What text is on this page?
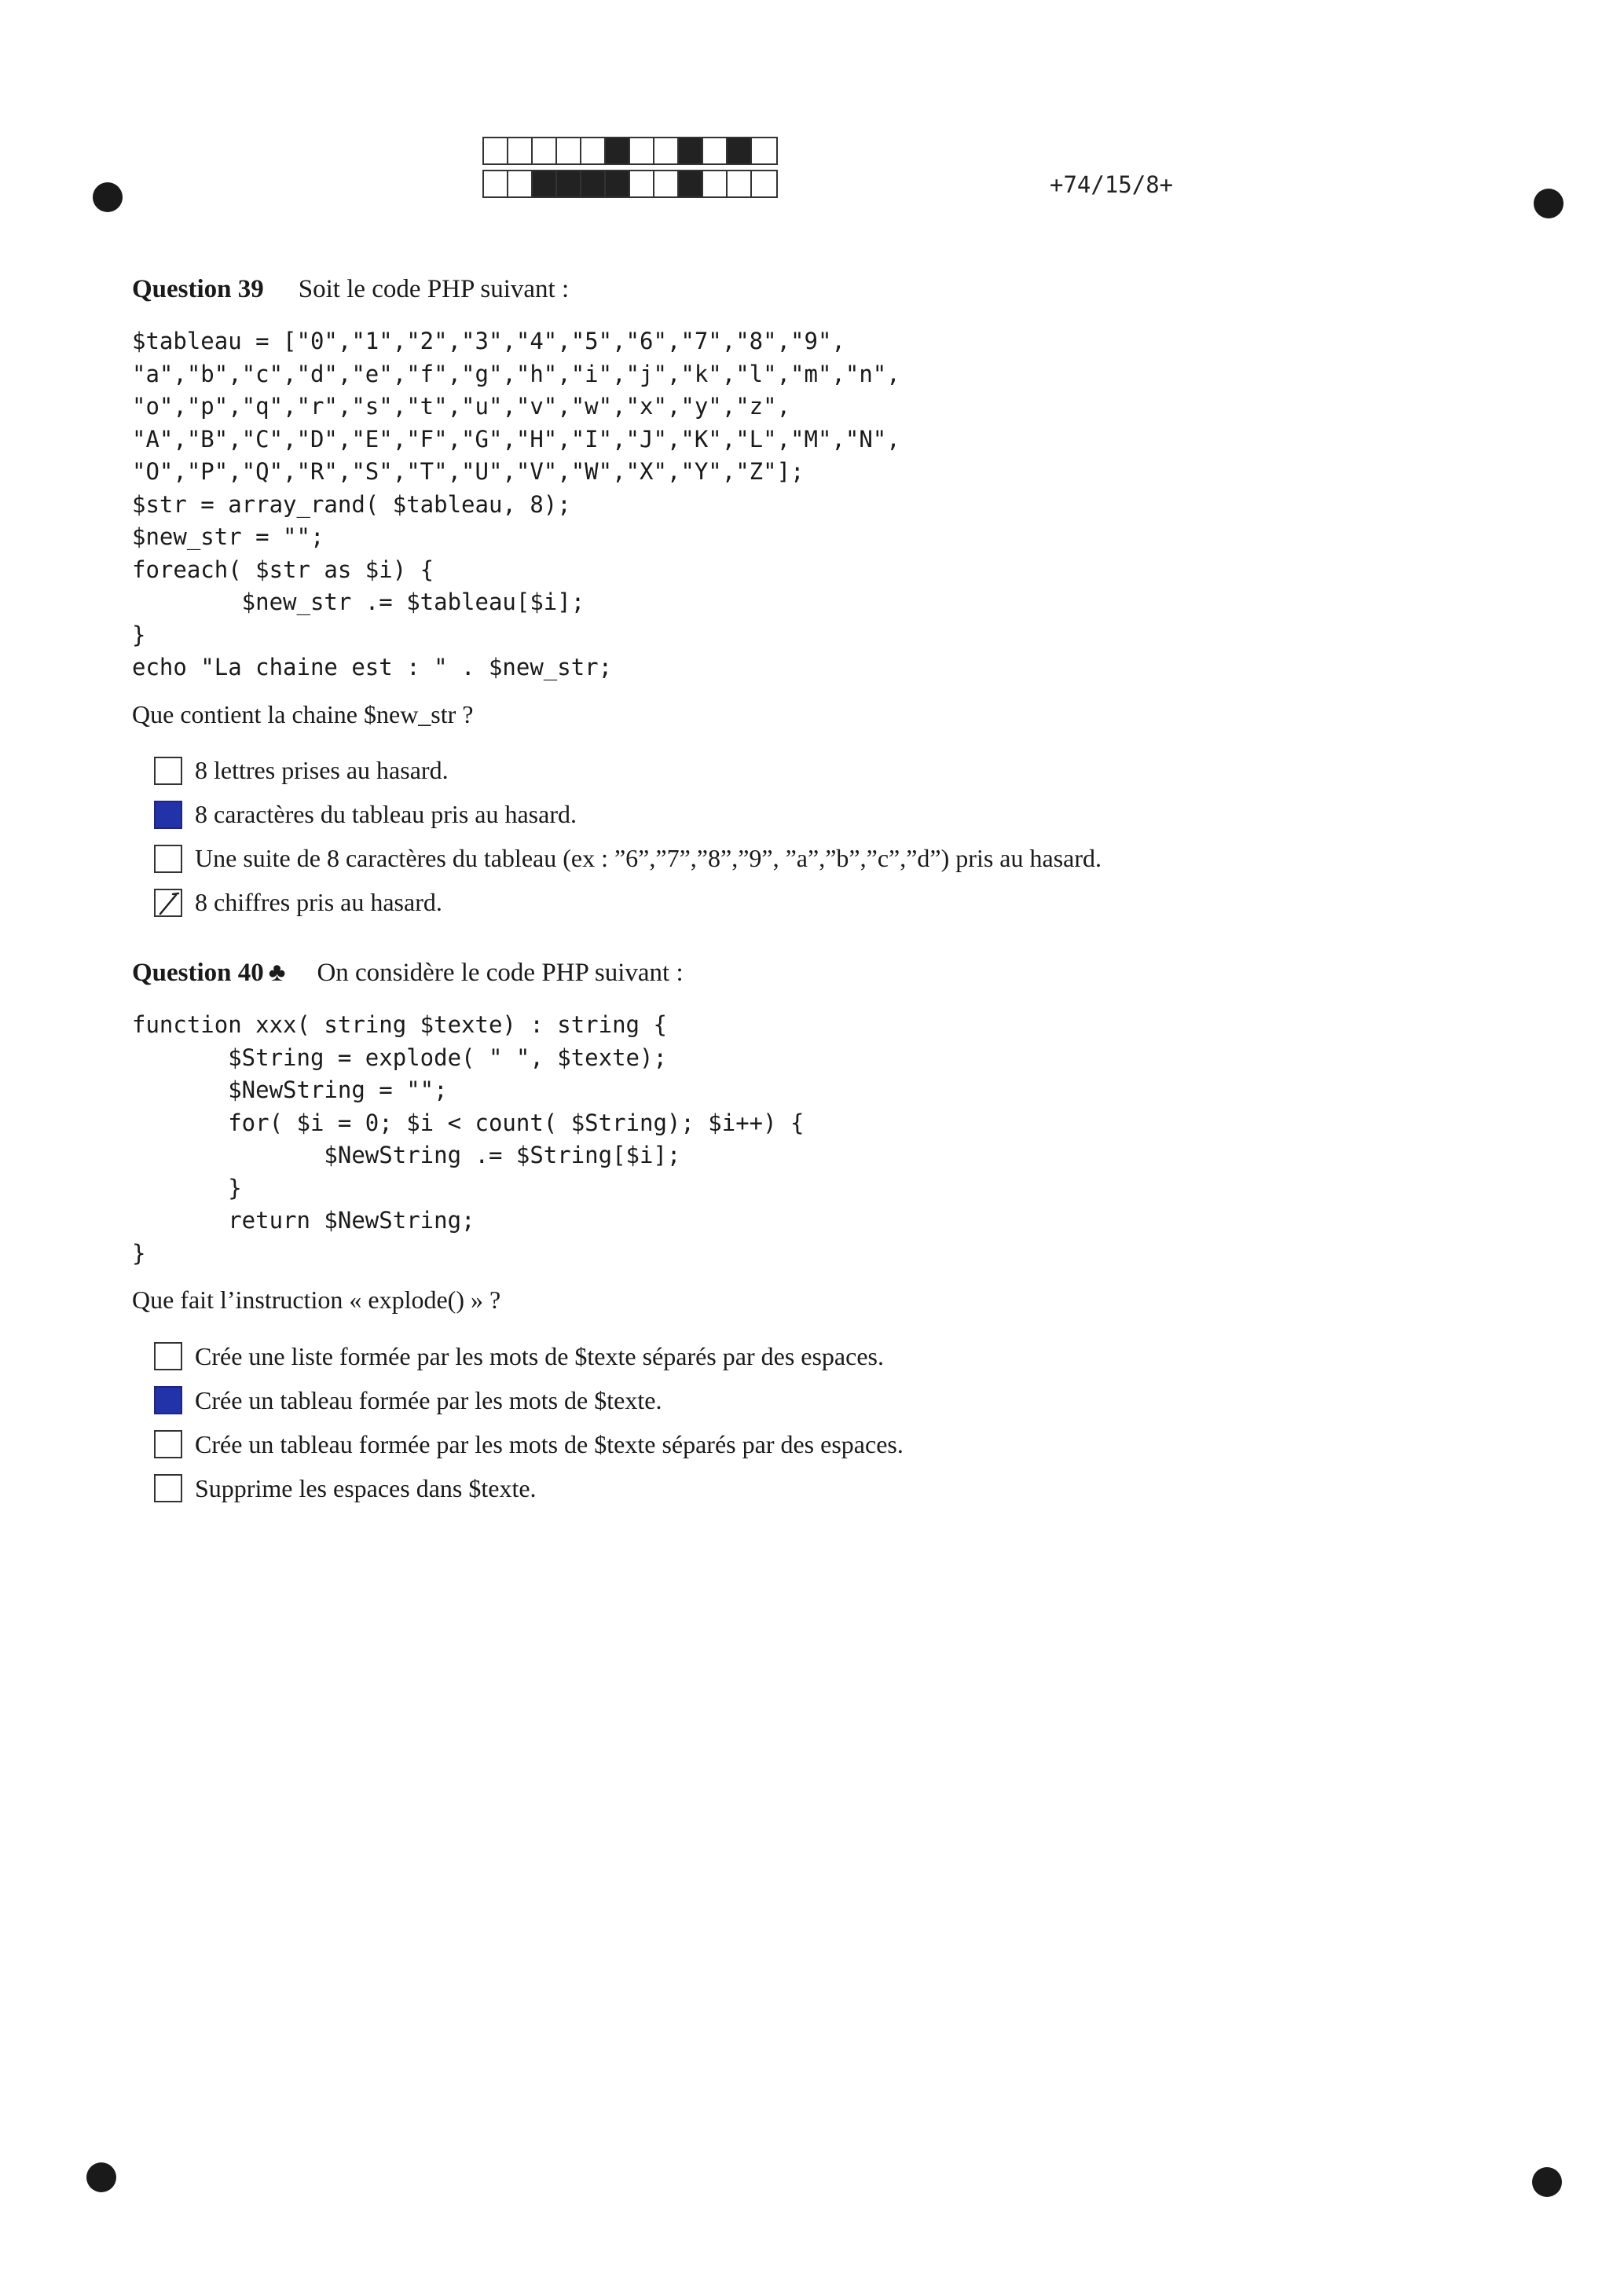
+74/15/8+
Question 39 Soit le code PHP suivant :
$tableau = ["0","1","2","3","4","5","6","7","8","9",
"a","b","c","d","e","f","g","h","i","j","k","l","m","n",
"o","p","q","r","s","t","u","v","w","x","y","z",
"A","B","C","D","E","F","G","H","I","J","K","L","M","N",
"O","P","Q","R","S","T","U","V","W","X","Y","Z"];
$str = array_rand( $tableau, 8);
$new_str = "";
foreach( $str as $i) {
$new_str .= $tableau[$i];
}
echo "La chaine est : " . $new_str;
Que contient la chaine $new_str ?
8 lettres prises au hasard.
8 caractères du tableau pris au hasard.
Une suite de 8 caractères du tableau (ex : ”6”,”7”,”8”,”9”, ”a”,”b”,”c”,”d”) pris au hasard.
8 chiffres pris au hasard.
Question 40 ♣ On considère le code PHP suivant :
function xxx( string $texte) : string {
$String = explode( " ", $texte);
$NewString = "";
for( $i = 0; $i < count( $String); $i++) {
$NewString .= $String[$i];
}
return $NewString;
}
Que fait l’instruction « explode() » ?
Crée une liste formée par les mots de $texte séparés par des espaces.
Crée un tableau formée par les mots de $texte.
Crée un tableau formée par les mots de $texte séparés par des espaces.
Supprime les espaces dans $texte.
